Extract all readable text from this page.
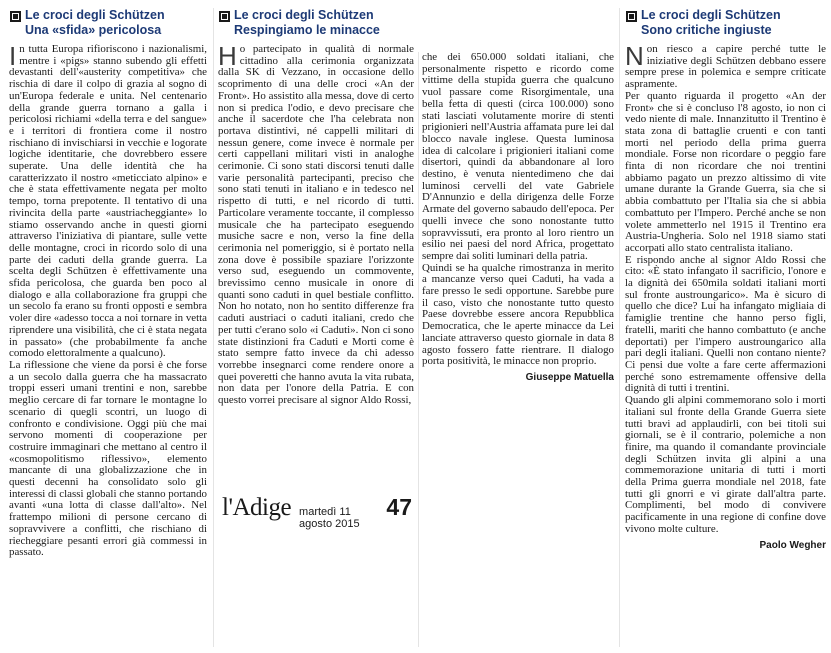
Le croci degli Schützen
Una «sfida» pericolosa

In tutta Europa rifioriscono i nazionalismi, mentre i «pigs» stanno subendo gli effetti devastanti dell'«austerity competitiva» che rischia di dare il colpo di grazia al sogno di un'Europa federale e unita. Nel centenario della grande guerra tornano a galla i pericolosi richiami «della terra e del sangue» e i territori di frontiera come il nostro rischiano di invischiarsi in vecchie e logorate logiche identitarie, che dovrebbero essere superate. Una delle identità che ha caratterizzato il nostro «meticciato alpino» e che è stata effettivamente negata per molto tempo, torna prepotente. Il tentativo di una rivincita della parte «austriacheggiante» lo stiamo osservando anche in questi giorni attraverso l'iniziativa di piantare, sulle vette delle montagne, croci in ricordo solo di una parte dei caduti della grande guerra. La scelta degli Schützen è effettivamente una sfida pericolosa, che guarda ben poco al dialogo e alla collaborazione fra gruppi che un secolo fa erano su fronti opposti e sembra voler dire «adesso tocca a noi tornare in vetta riprendere una visibilità, che ci è stata negata in passato» (che probabilmente fa anche comodo elettoralmente a qualcuno).

La riflessione che viene da porsi è che forse a un secolo dalla guerra che ha massacrato troppi esseri umani trentini e non, sarebbe meglio cercare di far tornare le montagne lo scenario di quegli scontri, un luogo di confronto e condivisione. Oggi più che mai servono momenti di cooperazione per costruire immaginari che mettano al centro il «cosmopolitismo riflessivo», elemento mancante di una globalizzazione che in questi decenni ha consolidato solo gli interessi di classi globali che stanno portando avanti «una lotta di classe dall'alto». Nel frattempo milioni di persone cercano di sopravvivere a conflitti, che rischiano di riecheggiare pesanti errori già commessi in passato.

Le croci degli Schützen
Respingiamo le minacce

Ho partecipato in qualità di normale cittadino alla cerimonia organizzata dalla SK di Vezzano, in occasione dello scoprimento di una delle croci «An der Front». Ho assistito alla messa, dove di certo non si predica l'odio, e devo precisare che anche il sacerdote che l'ha celebrata non portava distintivi, né cappelli militari di nessun genere, come invece è normale per certi cappellani militari visti in analoghe cerimonie. Ci sono stati discorsi tenuti dalle varie personalità partecipanti, preciso che sono stati tenuti in italiano e in tedesco nel rispetto di tutti, e nel ricordo di tutti. Particolare veramente toccante, il complesso musicale che ha partecipato eseguendo musiche sacre e non, verso la fine della cerimonia nel pomeriggio, si è portato nella zona dove è possibile spaziare l'orizzonte verso sud, eseguendo un commovente, brevissimo cenno musicale in onore di quanti sono caduti in quel bestiale conflitto. Non ho notato, non ho sentito differenze fra caduti austriaci o caduti italiani, credo che per tutti c'erano solo «i Caduti». Non ci sono state distinzioni fra Caduti e Morti come è stato sempre fatto invece da chi adesso vorrebbe insegnarci come rendere onore a quei poveretti che hanno avuta la vita rubata, non data per l'onore della Patria. E con questo vorrei precisare al signor Aldo Rossi,

che dei 650.000 soldati italiani, che personalmente rispetto e ricordo come vittime della stupida guerra che qualcuno vuol passare come Risorgimentale, una bella fetta di questi (circa 100.000) sono stati lasciati volutamente morire di stenti prigionieri nell'Austria affamata pure lei dal blocco navale inglese. Questa luminosa idea di calcolare i prigionieri italiani come disertori, quindi da abbandonare al loro destino, è venuta nientedimeno che dai luminosi cervelli del vate Gabriele D'Annunzio e della dirigenza delle Forze Armate del governo sabaudo dell'epoca. Per quelli invece che sono nonostante tutto sopravvissuti, era pronto al loro rientro un esilio nei paesi del nord Africa, progettato sempre dai soliti luminari della patria.

Quindi se ha qualche rimostranza in merito a mancanze verso quei Caduti, ha vada a fare presso le sedi opportune. Sarebbe pure il caso, visto che nonostante tutto questo Paese dovrebbe essere ancora Repubblica Democratica, che le aperte minacce da Lei lanciate attraverso questo giornale in data 8 agosto fossero fatte rientrare. Il dialogo porta positività, le minacce non proprio.

Giuseppe Matuella
l'Adige martedì 11 agosto 2015
47
Le croci degli Schützen
Sono critiche ingiuste

Non riesco a capire perché tutte le iniziative degli Schützen debbano essere sempre prese in polemica e sempre criticate aspramente.

Per quanto riguarda il progetto «An der Front» che si è concluso l'8 agosto, io non ci vedo niente di male. Innanzitutto il Trentino è stata zona di battaglie cruenti e con tanti morti nel periodo della prima guerra mondiale. Forse non ricordare o peggio fare finta di non ricordare che noi trentini abbiamo pagato un prezzo altissimo di vite umane durante la Grande Guerra, sia che si abbia combattuto per l'Italia sia che si abbia combattuto per l'Impero. Perché anche se non volete ammetterlo nel 1915 il Trentino era Austria-Ungheria. Solo nel 1918 siamo stati accorpati allo stato centralista italiano.

E rispondo anche al signor Aldo Rossi che cito: «È stato infangato il sacrificio, l'onore e la dignità dei 650mila soldati italiani morti sul fronte austroungarico». Ma è sicuro di quello che dice? Lui ha infangato migliaia di famiglie trentine che hanno perso figli, fratelli, mariti che hanno combattuto (e anche deportati) per l'impero austroungarico alla pari degli italiani. Quelli non contano niente? Ci pensi due volte a fare certe affermazioni perché sono estremamente offensive della dignità di tutti i trentini.

Quando gli alpini commemorano solo i morti italiani sul fronte della Grande Guerra siete tutti bravi ad applaudirli, con bei titoli sui giornali, se è il contrario, polemiche a non finire, ma quando il comandante provinciale degli Schützen invita gli alpini a una commemorazione unitaria di tutti i morti della Prima guerra mondiale nel 2018, fate tutti gli gnorri e vi girate dall'altra parte. Complimenti, bel modo di convivere pacificamente in una regione di confine dove vivono molte culture.

Paolo Wegher
